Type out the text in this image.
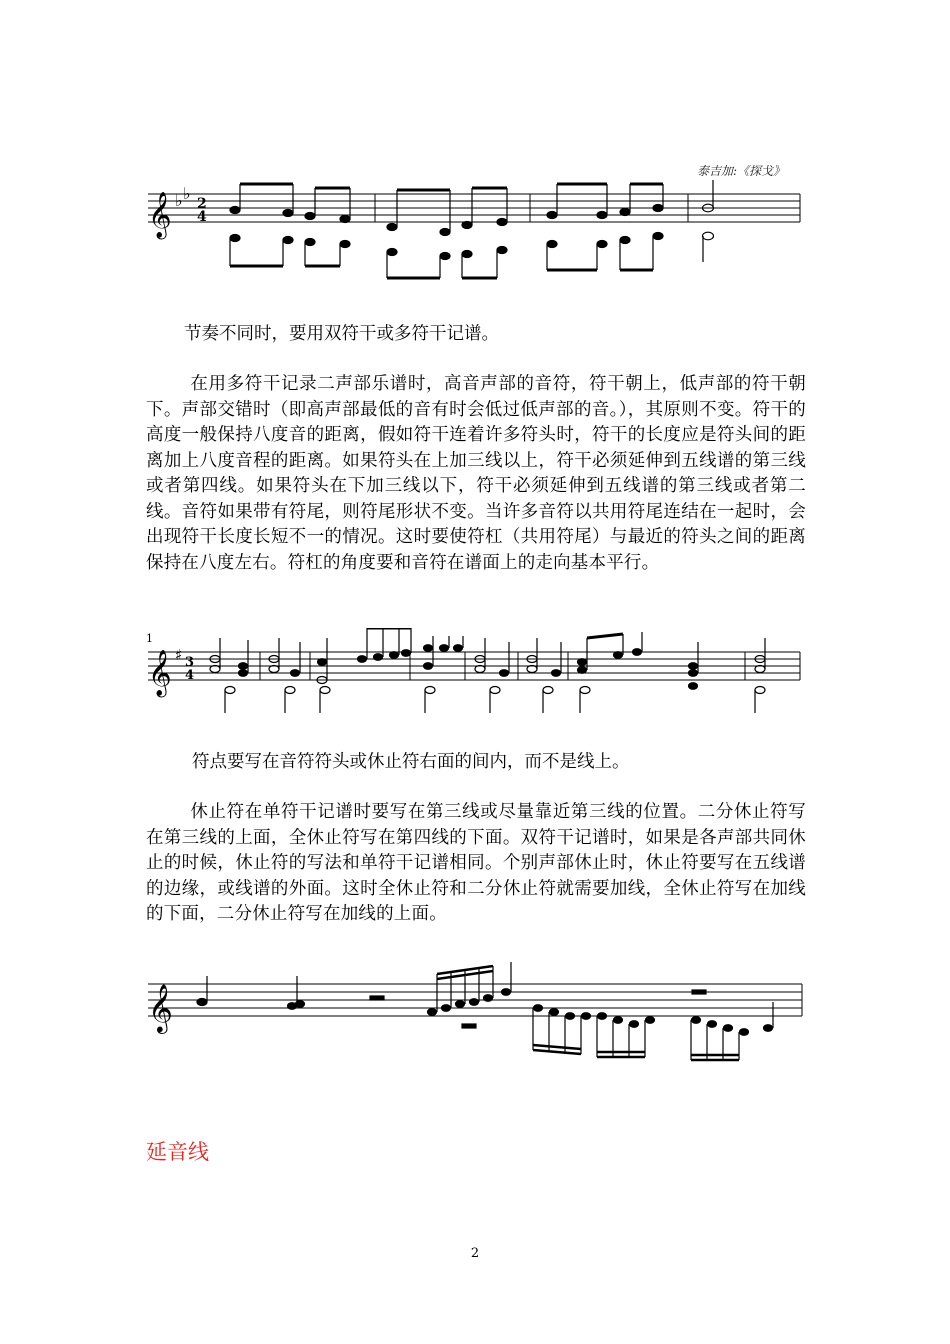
泰吉加:《探戈》
𝄞 ♭ ♭
2
4
节奏不同时，要用双符干或多符干记谱。
在用多符干记录二声部乐谱时，高音声部的音符，符干朝上，低声部的符干朝下。声部交错时（即高声部最低的音有时会低过低声部的音。），其原则不变。符干的高度一般保持八度音的距离，假如符干连着许多符头时，符干的长度应是符头间的距离加上八度音程的距离。如果符头在上加三线以上，符干必须延伸到五线谱的第三线或者第四线。如果符头在下加三线以下，符干必须延伸到五线谱的第三线或者第二线。音符如果带有符尾，则符尾形状不变。当许多音符以共用符尾连结在一起时，会出现符干长度长短不一的情况。这时要使符杠（共用符尾）与最近的符头之间的距离保持在八度左右。符杠的角度要和音符在谱面上的走向基本平行。
1
𝄞 ♯ 3
4
符点要写在音符符头或休止符右面的间内，而不是线上。
休止符在单符干记谱时要写在第三线或尽量靠近第三线的位置。二分休止符写在第三线的上面，全休止符写在第四线的下面。双符干记谱时，如果是各声部共同休止的时候，休止符的写法和单符干记谱相同。个别声部休止时，休止符要写在五线谱的边缘，或线谱的外面。这时全休止符和二分休止符就需要加线，全休止符写在加线的下面，二分休止符写在加线的上面。
𝄞
延音线
2
